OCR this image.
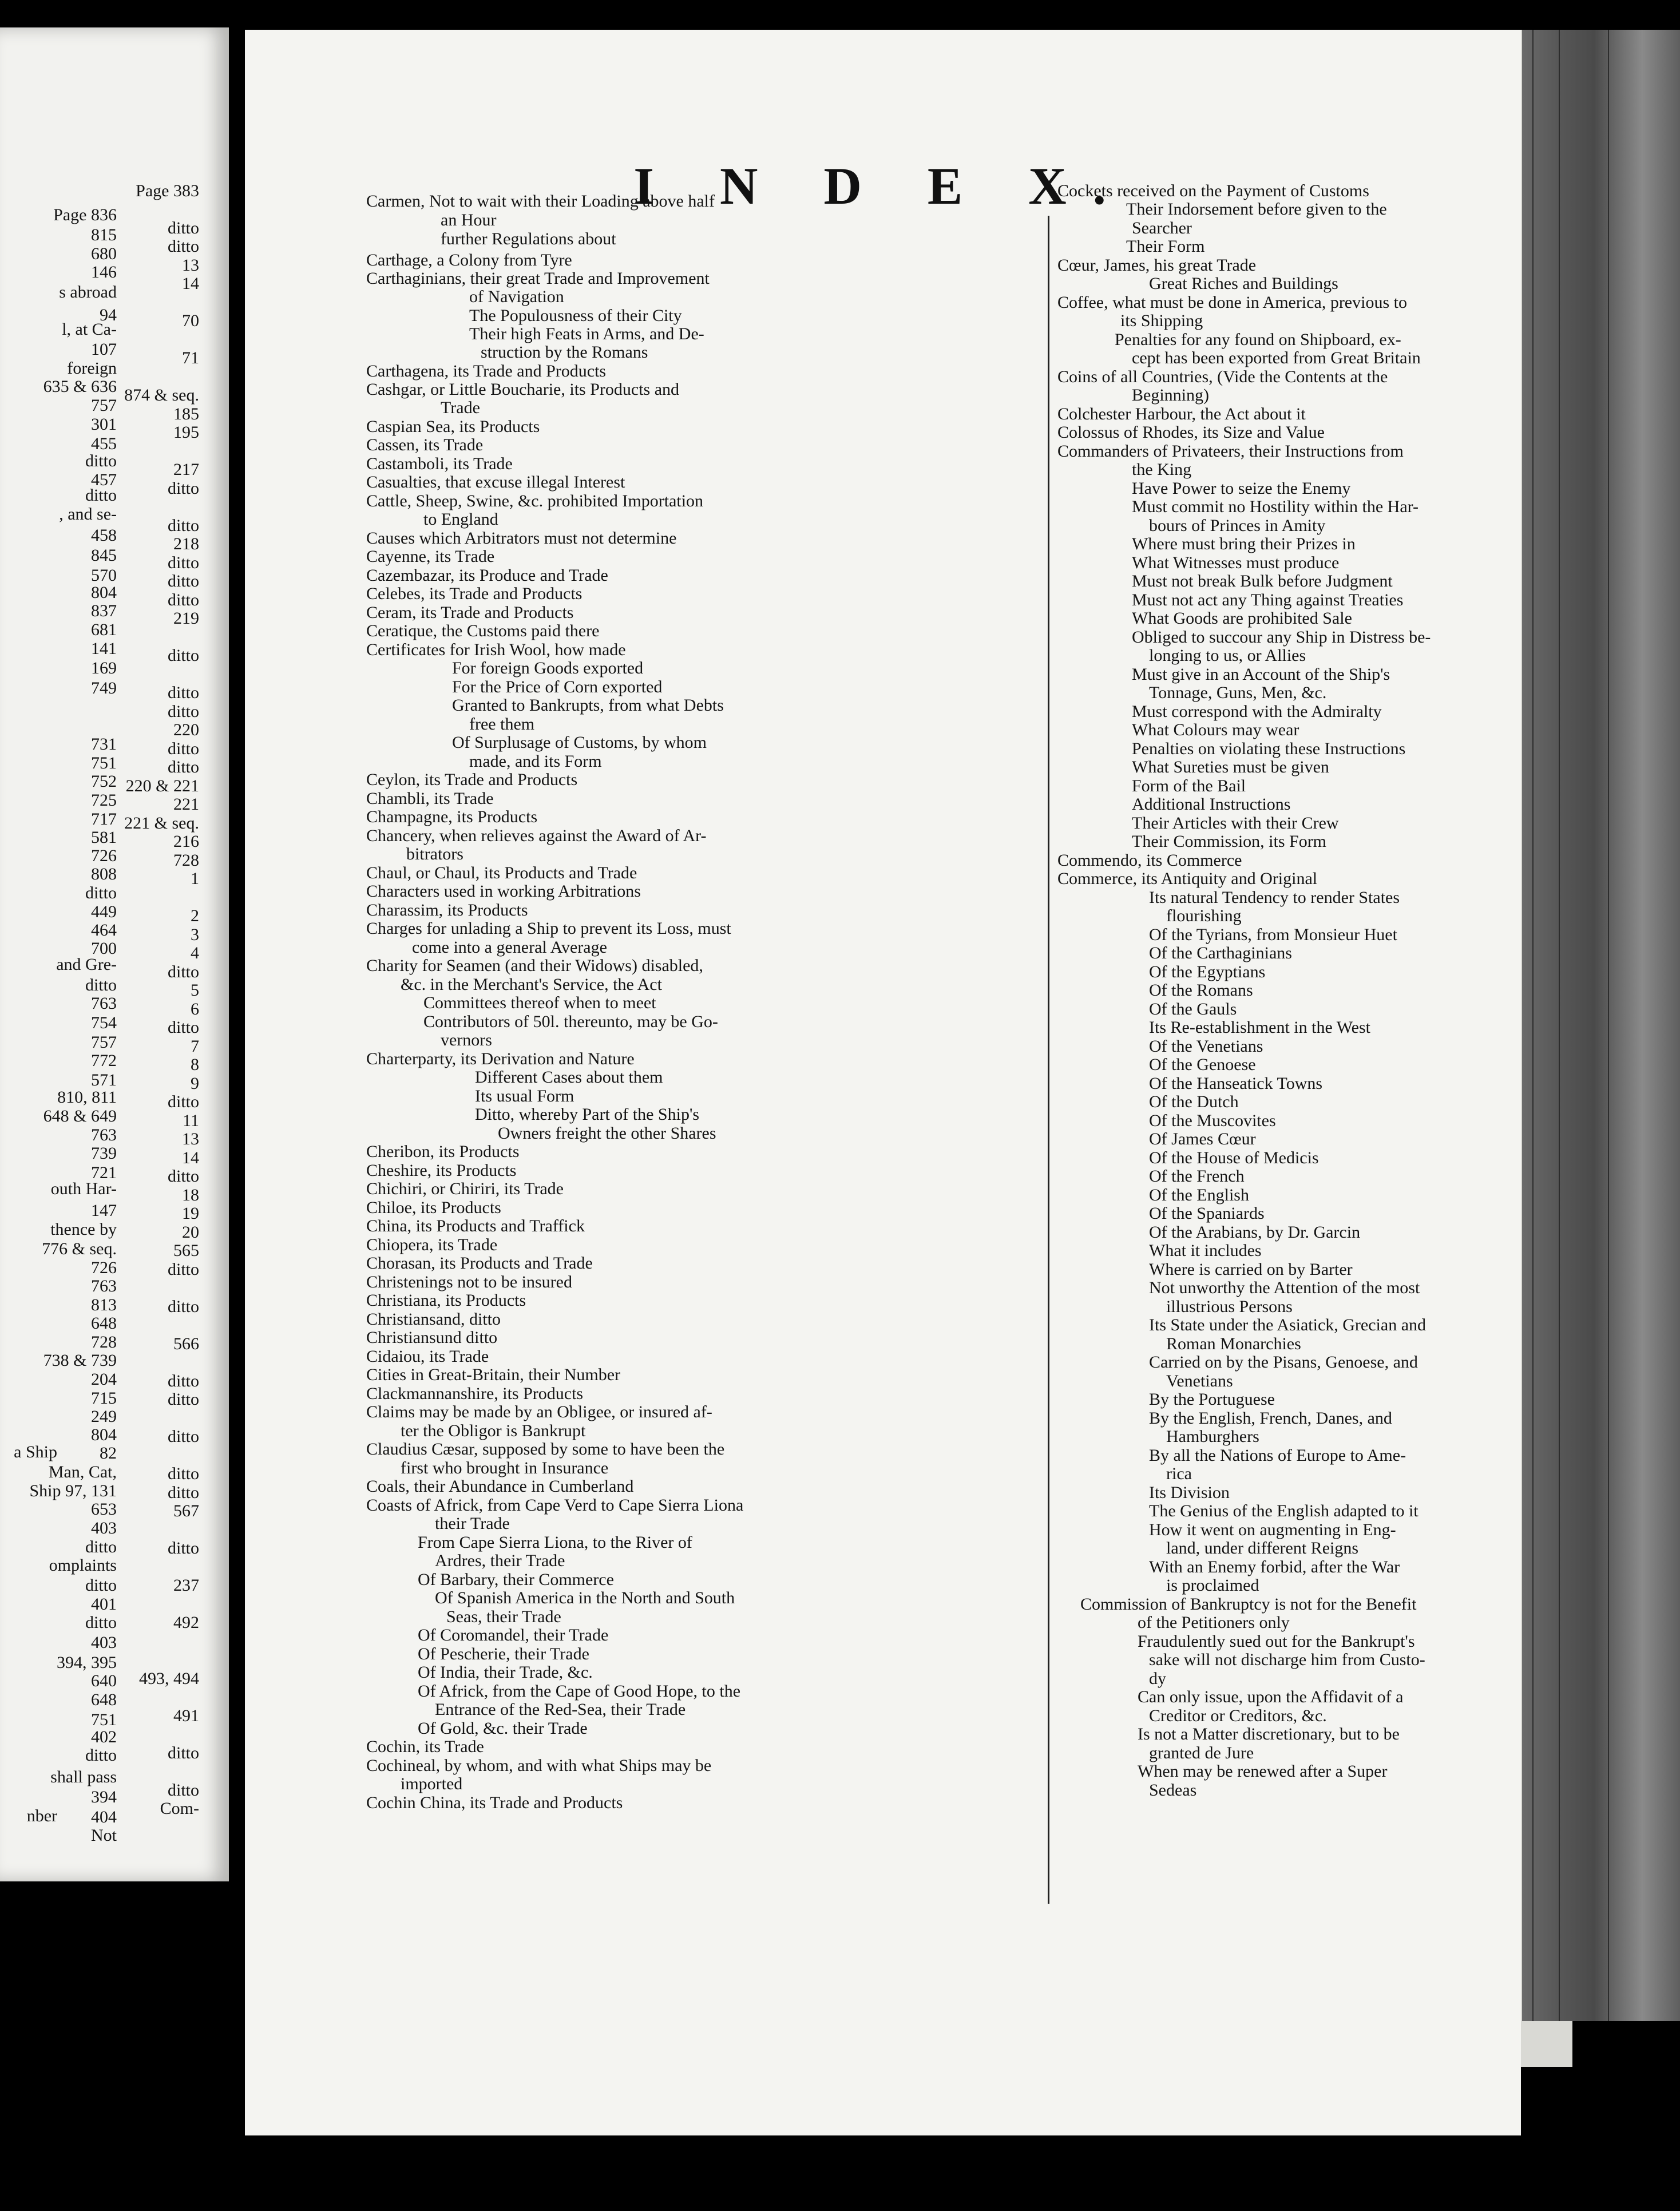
Page 836
815
680
146
s abroad
94
l, at Ca-
107
foreign
635 & 636
757
301
455
ditto
457
ditto
, and se-
458
845
570
804
837
681
141
169
749
731
751
752
725
717
581
726
808
ditto
449
464
700
and Gre-
ditto
763
754
757
772
571
810, 811
648 & 649
763
739
721
outh Har-
147
thence by
776 & seq.
726
763
813
648
728
738 & 739
204
715
249
804
a Ship 82
Man, Cat,
Ship 97, 131
653
403
ditto
omplaints
ditto
401
ditto
403
394, 395
640
648
751
402
ditto
shall pass
394
nber 404
Not
I N D E X.
Carmen, Not to wait with their Loading above half
an Hour
further Regulations about
Carthage, a Colony from Tyre
Carthaginians, their great Trade and Improvement
of Navigation
The Populousness of their City
Their high Feats in Arms, and De-
struction by the Romans
Carthagena, its Trade and Products
Cashgar, or Little Boucharie, its Products and
Trade
Caspian Sea, its Products
Cassen, its Trade
Castamboli, its Trade
Casualties, that excuse illegal Interest
Cattle, Sheep, Swine, &c. prohibited Importation
to England
Causes which Arbitrators must not determine
Cayenne, its Trade
Cazembazar, its Produce and Trade
Celebes, its Trade and Products
Ceram, its Trade and Products
Ceratique, the Customs paid there
Certificates for Irish Wool, how made
For foreign Goods exported
For the Price of Corn exported
Granted to Bankrupts, from what Debts
free them
Of Surplusage of Customs, by whom
made, and its Form
Ceylon, its Trade and Products
Chambli, its Trade
Champagne, its Products
Chancery, when relieves against the Award of Ar-
bitrators
Chaul, or Chaul, its Products and Trade
Characters used in working Arbitrations
Charassim, its Products
Charges for unlading a Ship to prevent its Loss, must
come into a general Average
Charity for Seamen (and their Widows) disabled,
&c. in the Merchant's Service, the Act
Committees thereof when to meet
Contributors of 50l. thereunto, may be Go-
vernors
Charterparty, its Derivation and Nature
Different Cases about them
Its usual Form
Ditto, whereby Part of the Ship's
Owners freight the other Shares
Cheribon, its Products
Cheshire, its Products
Chichiri, or Chiriri, its Trade
Chiloe, its Products
China, its Products and Traffick
Chiopera, its Trade
Chorasan, its Products and Trade
Christenings not to be insured
Christiana, its Products
Christiansand, ditto
Christiansund ditto
Cidaiou, its Trade
Cities in Great-Britain, their Number
Clackmannanshire, its Products
Claims may be made by an Obligee, or insured af-
ter the Obligor is Bankrupt
Claudius Cæsar, supposed by some to have been the
first who brought in Insurance
Coals, their Abundance in Cumberland
Coasts of Africk, from Cape Verd to Cape Sierra Liona
their Trade
From Cape Sierra Liona, to the River of
Ardres, their Trade
Of Barbary, their Commerce
Of Spanish America in the North and South
Seas, their Trade
Of Coromandel, their Trade
Of Pescherie, their Trade
Of India, their Trade, &c.
Of Africk, from the Cape of Good Hope, to the
Entrance of the Red-Sea, their Trade
Of Gold, &c. their Trade
Cochin, its Trade
Cochineal, by whom, and with what Ships may be
imported
Cochin China, its Trade and Products
Cockets received on the Payment of Customs
Page 383
Their Indorsement before given to the
Searcher
ditto
Their Form
ditto
Cœur, James, his great Trade
13
Great Riches and Buildings
14
Coffee, what must be done in America, previous to
its Shipping
70
Penalties for any found on Shipboard, ex-
cept has been exported from Great Britain
71
Coins of all Countries, (Vide the Contents at the
Beginning)
874 & seq.
Colchester Harbour, the Act about it
185
Colossus of Rhodes, its Size and Value
195
Commanders of Privateers, their Instructions from
the King
217
Have Power to seize the Enemy
ditto
Must commit no Hostility within the Har-
bours of Princes in Amity
ditto
Where must bring their Prizes in
218
What Witnesses must produce
ditto
Must not break Bulk before Judgment
ditto
Must not act any Thing against Treaties
ditto
What Goods are prohibited Sale
219
Obliged to succour any Ship in Distress be-
longing to us, or Allies
ditto
Must give in an Account of the Ship's
Tonnage, Guns, Men, &c.
ditto
Must correspond with the Admiralty
ditto
What Colours may wear
220
Penalties on violating these Instructions
ditto
What Sureties must be given
ditto
Form of the Bail
220 & 221
Additional Instructions
221
Their Articles with their Crew
221 & seq.
Their Commission, its Form
216
Commendo, its Commerce
728
Commerce, its Antiquity and Original
1
Its natural Tendency to render States
flourishing
2
Of the Tyrians, from Monsieur Huet
3
Of the Carthaginians
4
Of the Egyptians
ditto
Of the Romans
5
Of the Gauls
6
Its Re-establishment in the West
ditto
Of the Venetians
7
Of the Genoese
8
Of the Hanseatick Towns
9
Of the Dutch
ditto
Of the Muscovites
11
Of James Cœur
13
Of the House of Medicis
14
Of the French
ditto
Of the English
18
Of the Spaniards
19
Of the Arabians, by Dr. Garcin
20
What it includes
565
Where is carried on by Barter
ditto
Not unworthy the Attention of the most
illustrious Persons
ditto
Its State under the Asiatick, Grecian and
Roman Monarchies
566
Carried on by the Pisans, Genoese, and
Venetians
ditto
By the Portuguese
ditto
By the English, French, Danes, and
Hamburghers
ditto
By all the Nations of Europe to Ame-
rica
ditto
Its Division
ditto
The Genius of the English adapted to it
567
How it went on augmenting in Eng-
land, under different Reigns
ditto
With an Enemy forbid, after the War
is proclaimed
237
Commission of Bankruptcy is not for the Benefit
of the Petitioners only
492
Fraudulently sued out for the Bankrupt's
sake will not discharge him from Custo-
dy
493, 494
Can only issue, upon the Affidavit of a
Creditor or Creditors, &c.
491
Is not a Matter discretionary, but to be
granted de Jure
ditto
When may be renewed after a Super
Sedeas
ditto
Com-
